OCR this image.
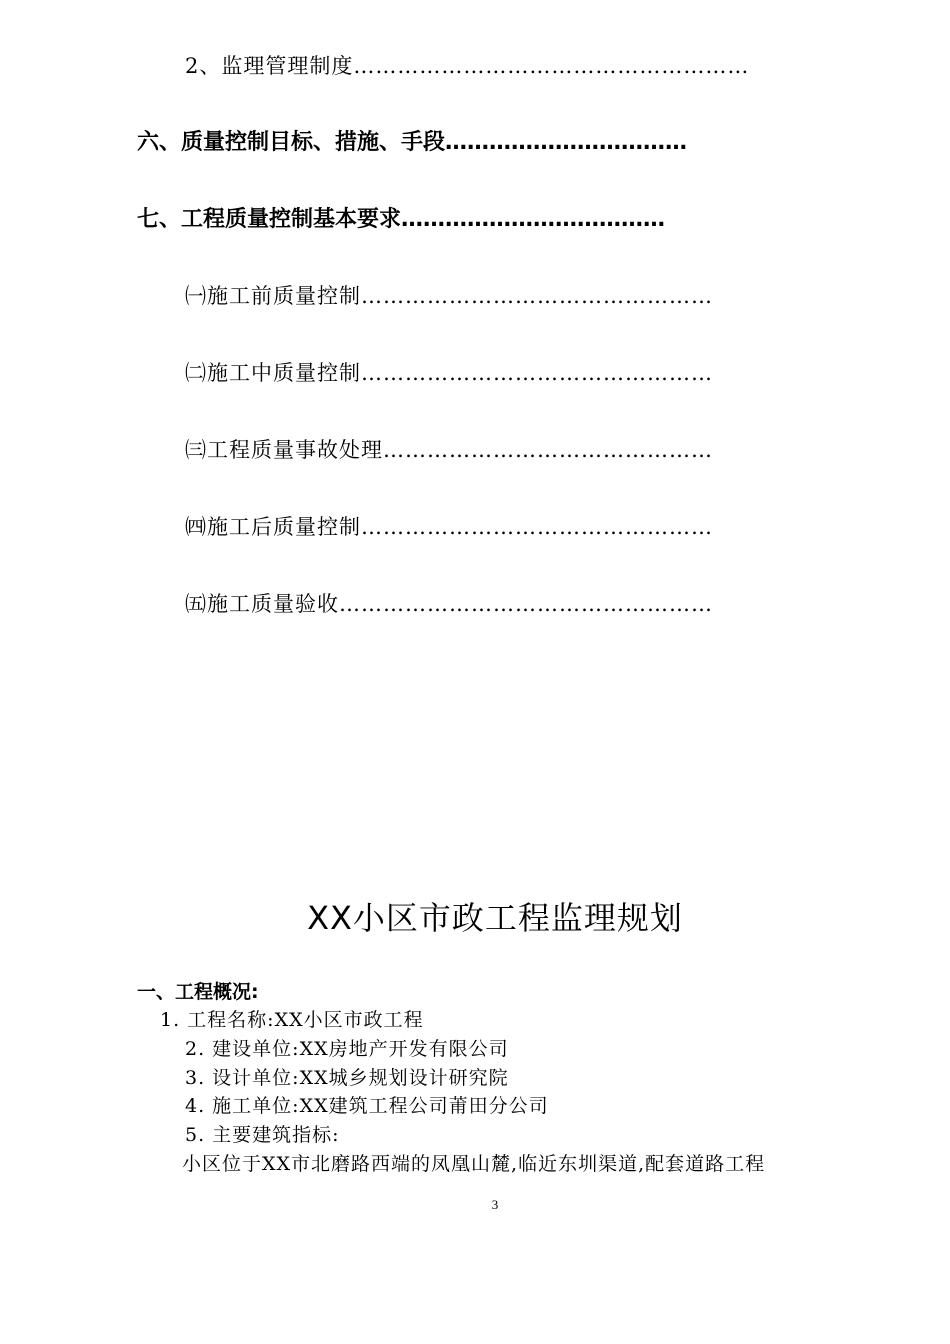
2、监理管理制度………………………………………………
六、质量控制目标、措施、手段……………………………
七、工程质量控制基本要求………………………………
㈠施工前质量控制…………………………………………
㈡施工中质量控制…………………………………………
㈢工程质量事故处理………………………………………
㈣施工后质量控制…………………………………………
㈤施工质量验收……………………………………………
XX小区市政工程监理规划
一、工程概况:
1. 工程名称:XX小区市政工程
2. 建设单位:XX房地产开发有限公司
3. 设计单位:XX城乡规划设计研究院
4. 施工单位:XX建筑工程公司莆田分公司
5. 主要建筑指标:
小区位于XX市北磨路西端的凤凰山麓,临近东圳渠道,配套道路工程
3
